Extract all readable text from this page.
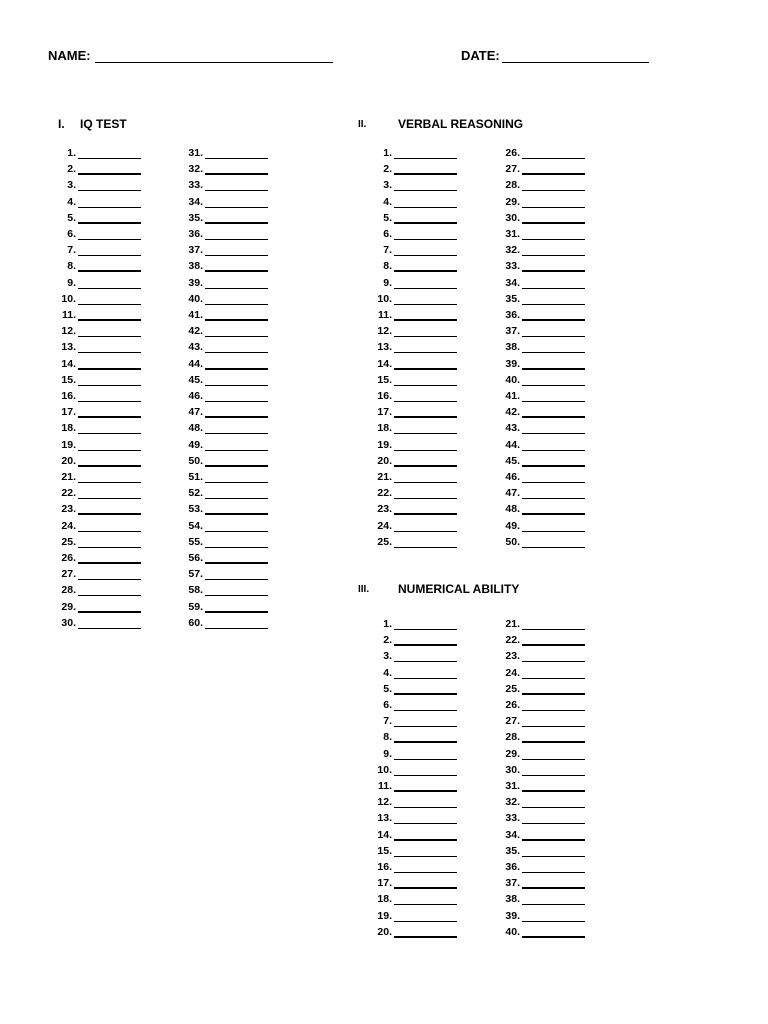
NAME:	DATE:
I. IQ TEST
1.
2.
3.
4.
5.
6.
7.
8.
9.
10.
11.
12.
13.
14.
15.
16.
17.
18.
19.
20.
21.
22.
23.
24.
25.
26.
27.
28.
29.
30.
31.
32.
33.
34.
35.
36.
37.
38.
39.
40.
41.
42.
43.
44.
45.
46.
47.
48.
49.
50.
51.
52.
53.
54.
55.
56.
57.
58.
59.
60.
II.	VERBAL REASONING
1.
2.
3.
4.
5.
6.
7.
8.
9.
10.
11.
12.
13.
14.
15.
16.
17.
18.
19.
20.
21.
22.
23.
24.
25.
26.
27.
28.
29.
30.
31.
32.
33.
34.
35.
36.
37.
38.
39.
40.
41.
42.
43.
44.
45.
46.
47.
48.
49.
50.
III. NUMERICAL ABILITY
1.
2.
3.
4.
5.
6.
7.
8.
9.
10.
11.
12.
13.
14.
15.
16.
17.
18.
19.
20.
21.
22.
23.
24.
25.
26.
27.
28.
29.
30.
31.
32.
33.
34.
35.
36.
37.
38.
39.
40.
